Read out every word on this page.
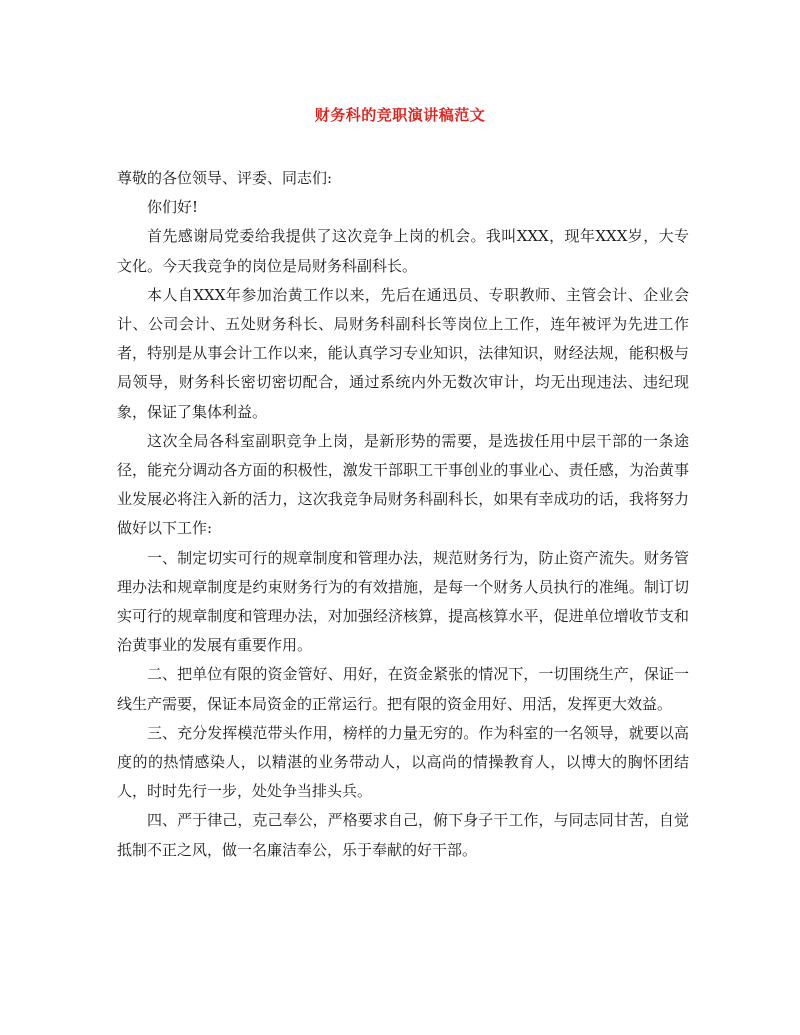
财务科的竞职演讲稿范文

尊敬的各位领导、评委、同志们:

你们好!

首先感谢局党委给我提供了这次竞争上岗的机会。我叫XXX，现年XXX岁，大专文化。今天我竞争的岗位是局财务科副科长。

本人自XXX年参加治黄工作以来，先后在通迅员、专职教师、主管会计、企业会计、公司会计、五处财务科长、局财务科副科长等岗位上工作，连年被评为先进工作者，特别是从事会计工作以来，能认真学习专业知识，法律知识，财经法规，能积极与局领导，财务科长密切密切配合，通过系统内外无数次审计，均无出现违法、违纪现象，保证了集体利益。

这次全局各科室副职竞争上岗，是新形势的需要，是选拔任用中层干部的一条途径，能充分调动各方面的积极性，激发干部职工干事创业的事业心、责任感，为治黄事业发展必将注入新的活力，这次我竞争局财务科副科长，如果有幸成功的话，我将努力做好以下工作:

一、制定切实可行的规章制度和管理办法，规范财务行为，防止资产流失。财务管理办法和规章制度是约束财务行为的有效措施，是每一个财务人员执行的准绳。制订切实可行的规章制度和管理办法，对加强经济核算，提高核算水平，促进单位增收节支和治黄事业的发展有重要作用。

二、把单位有限的资金管好、用好，在资金紧张的情况下，一切围绕生产，保证一线生产需要，保证本局资金的正常运行。把有限的资金用好、用活，发挥更大效益。

三、充分发挥模范带头作用，榜样的力量无穷的。作为科室的一名领导，就要以高度的的热情感染人，以精湛的业务带动人，以高尚的情操教育人，以博大的胸怀团结人，时时先行一步，处处争当排头兵。

四、严于律己，克己奉公，严格要求自己，俯下身子干工作，与同志同甘苦，自觉抵制不正之风，做一名廉洁奉公，乐于奉献的好干部。
